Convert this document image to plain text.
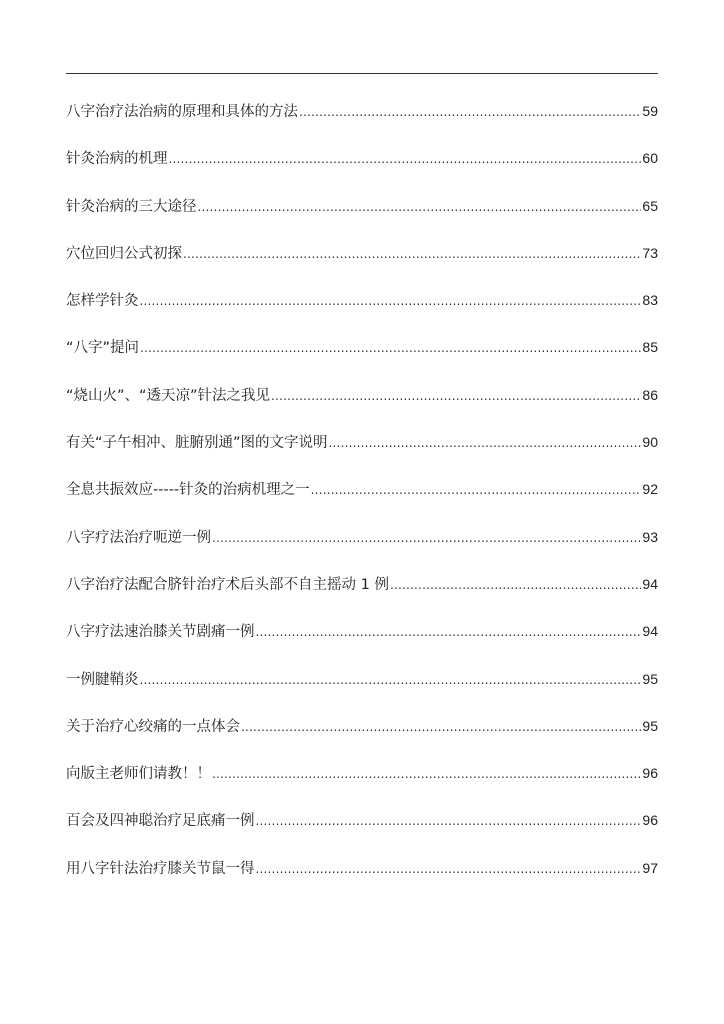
八字治疗法治病的原理和具体的方法 .....	59
针灸治病的机理 .....	60
针灸治病的三大途径 .....	65
穴位回归公式初探 .....	73
怎样学针灸 .....	83
“八字”提问 .....	85
“烧山火”、“透天凉”针法之我见 .....	86
有关“子午相冲、脏腑别通”图的文字说明 .....	90
全息共振效应-----针灸的治病机理之一 .....	92
八字疗法治疗呃逆一例 .....	93
八字治疗法配合脐针治疗术后头部不自主摇动 1 例 .....	94
八字疗法速治膝关节剧痛一例 .....	94
一例腱鞘炎 .....	95
关于治疗心绞痛的一点体会 .....	95
向版主老师们请教！！ .....	96
百会及四神聪治疗足底痛一例 .....	96
用八字针法治疗膝关节鼠一得 .....	97
